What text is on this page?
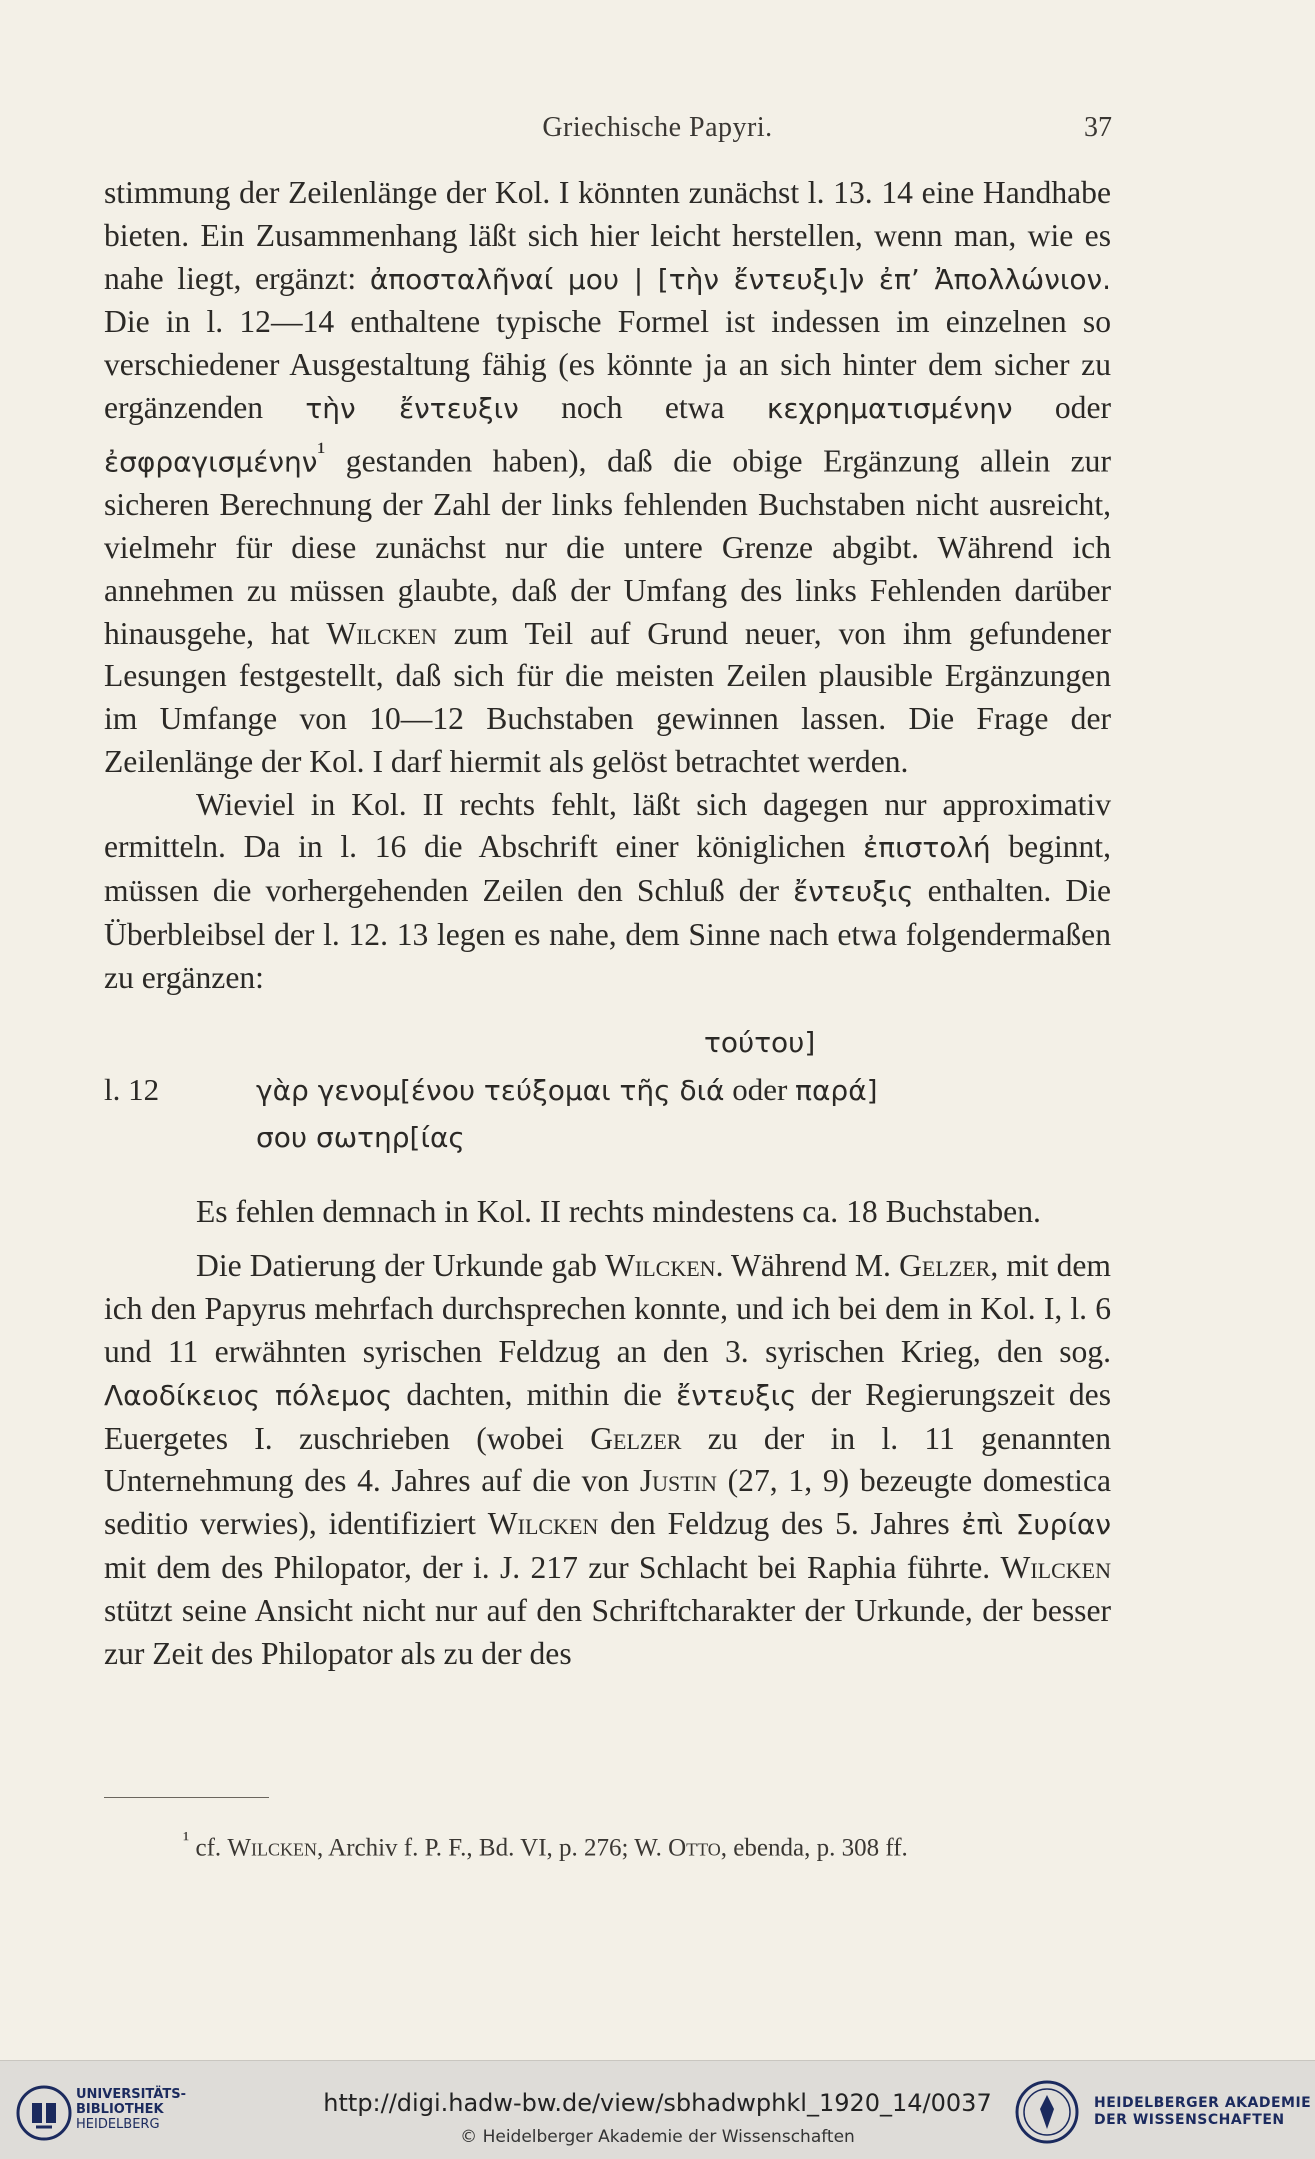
Griechische Papyri.	37

stimmung der Zeilenlänge der Kol. I könnten zunächst l. 13. 14 eine Handhabe bieten. Ein Zusammenhang läßt sich hier leicht herstellen, wenn man, wie es nahe liegt, ergänzt: ἀποσταλῆναί μου | [τὴν ἔντευξι]ν ἐπ’ Ἀπολλώνιον. Die in l. 12—14 enthaltene typische Formel ist indessen im einzelnen so verschiedener Ausgestaltung fähig (es könnte ja an sich hinter dem sicher zu ergänzenden τὴν ἔντευξιν noch etwa κεχρηματισμένην oder ἐσφραγισμένην$^{^1}$ gestanden haben), daß die obige Ergänzung allein zur sicheren Berechnung der Zahl der links fehlenden Buchstaben nicht ausreicht, vielmehr für diese zunächst nur die untere Grenze abgibt. Während ich annehmen zu müssen glaubte, daß der Umfang des links Fehlenden darüber hinausgehe, hat Wilcken zum Teil auf Grund neuer, von ihm gefundener Lesungen festgestellt, daß sich für die meisten Zeilen plausible Ergänzungen im Umfange von 10—12 Buchstaben gewinnen lassen. Die Frage der Zeilenlänge der Kol. I darf hiermit als gelöst betrachtet werden.

Wieviel in Kol. II rechts fehlt, läßt sich dagegen nur approximativ ermitteln. Da in l. 16 die Abschrift einer königlichen ἐπιστολή beginnt, müssen die vorhergehenden Zeilen den Schluß der ἔντευξις enthalten. Die Überbleibsel der l. 12. 13 legen es nahe, dem Sinne nach etwa folgendermaßen zu ergänzen:

τούτου]
l. 12	γὰρ γενομ[ένου τεύξομαι τῆς διά oder παρά]
σου σωτηρ[ίας

Es fehlen demnach in Kol. II rechts mindestens ca. 18 Buchstaben.

Die Datierung der Urkunde gab Wilcken. Während M. Gelzer, mit dem ich den Papyrus mehrfach durchsprechen konnte, und ich bei dem in Kol. I, l. 6 und 11 erwähnten syrischen Feldzug an den 3. syrischen Krieg, den sog. Λαοδίκειος πόλεμος dachten, mithin die ἔντευξις der Regierungszeit des Euergetes I. zuschrieben (wobei Gelzer zu der in l. 11 genannten Unternehmung des 4. Jahres auf die von Justin (27, 1, 9) bezeugte domestica seditio verwies), identifiziert Wilcken den Feldzug des 5. Jahres ἐπὶ Συρίαν mit dem des Philopator, der i. J. 217 zur Schlacht bei Raphia führte. Wilcken stützt seine Ansicht nicht nur auf den Schriftcharakter der Urkunde, der besser zur Zeit des Philopator als zu der des

$^{^1}$ cf. Wilcken, Archiv f. P. F., Bd. VI, p. 276; W. Otto, ebenda, p. 308 ff.
UNIVERSITÄTS-
BIBLIOTHEK
HEIDELBERG
http://digi.hadw-bw.de/view/sbhadwphkl_1920_14/0037
© Heidelberger Akademie der Wissenschaften
HEIDELBERGER AKADEMIE
DER WISSENSCHAFTEN
